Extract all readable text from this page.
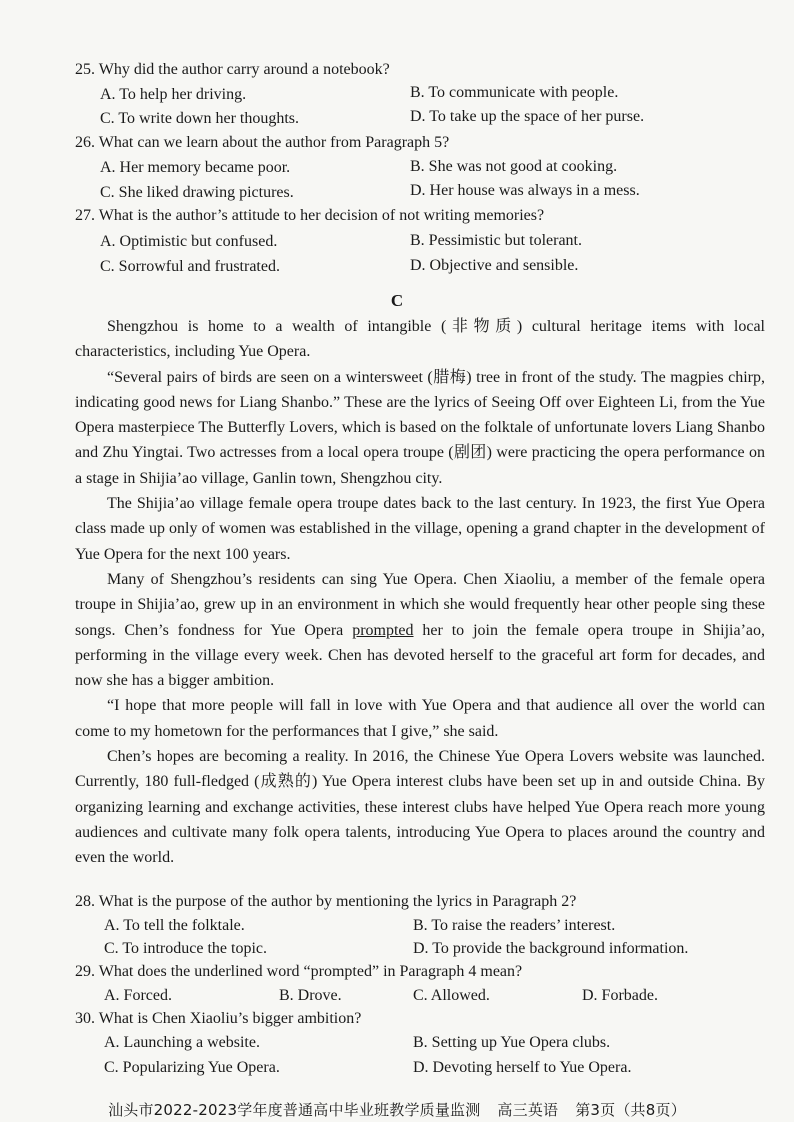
25. Why did the author carry around a notebook?
A. To help her driving.	B. To communicate with people.
C. To write down her thoughts.	D. To take up the space of her purse.
26. What can we learn about the author from Paragraph 5?
A. Her memory became poor.	B. She was not good at cooking.
C. She liked drawing pictures.	D. Her house was always in a mess.
27. What is the author’s attitude to her decision of not writing memories?
A. Optimistic but confused.	B. Pessimistic but tolerant.
C. Sorrowful and frustrated.	D. Objective and sensible.
C

Shengzhou is home to a wealth of intangible (非物质) cultural heritage items with local characteristics, including Yue Opera.

“Several pairs of birds are seen on a wintersweet (腊梅) tree in front of the study. The magpies chirp, indicating good news for Liang Shanbo.” These are the lyrics of Seeing Off over Eighteen Li, from the Yue Opera masterpiece The Butterfly Lovers, which is based on the folktale of unfortunate lovers Liang Shanbo and Zhu Yingtai. Two actresses from a local opera troupe (剧团) were practicing the opera performance on a stage in Shijia’ao village, Ganlin town, Shengzhou city.

The Shijia’ao village female opera troupe dates back to the last century. In 1923, the first Yue Opera class made up only of women was established in the village, opening a grand chapter in the development of Yue Opera for the next 100 years.

Many of Shengzhou’s residents can sing Yue Opera. Chen Xiaoliu, a member of the female opera troupe in Shijia’ao, grew up in an environment in which she would frequently hear other people sing these songs. Chen’s fondness for Yue Opera prompted her to join the female opera troupe in Shijia’ao, performing in the village every week. Chen has devoted herself to the graceful art form for decades, and now she has a bigger ambition.

“I hope that more people will fall in love with Yue Opera and that audience all over the world can come to my hometown for the performances that I give,” she said.

Chen’s hopes are becoming a reality. In 2016, the Chinese Yue Opera Lovers website was launched. Currently, 180 full-fledged (成熟的) Yue Opera interest clubs have been set up in and outside China. By organizing learning and exchange activities, these interest clubs have helped Yue Opera reach more young audiences and cultivate many folk opera talents, introducing Yue Opera to places around the country and even the world.

28. What is the purpose of the author by mentioning the lyrics in Paragraph 2?
A. To tell the folktale.	B. To raise the readers’ interest.
C. To introduce the topic.	D. To provide the background information.
29. What does the underlined word “prompted” in Paragraph 4 mean?
A. Forced.	B. Drove.	C. Allowed.	D. Forbade.
30. What is Chen Xiaoliu’s bigger ambition?
A. Launching a website.	B. Setting up Yue Opera clubs.
C. Popularizing Yue Opera.	D. Devoting herself to Yue Opera.
汕头市2022-2023学年度普通高中毕业班教学质量监测 高三英语 第3页（共8页）
